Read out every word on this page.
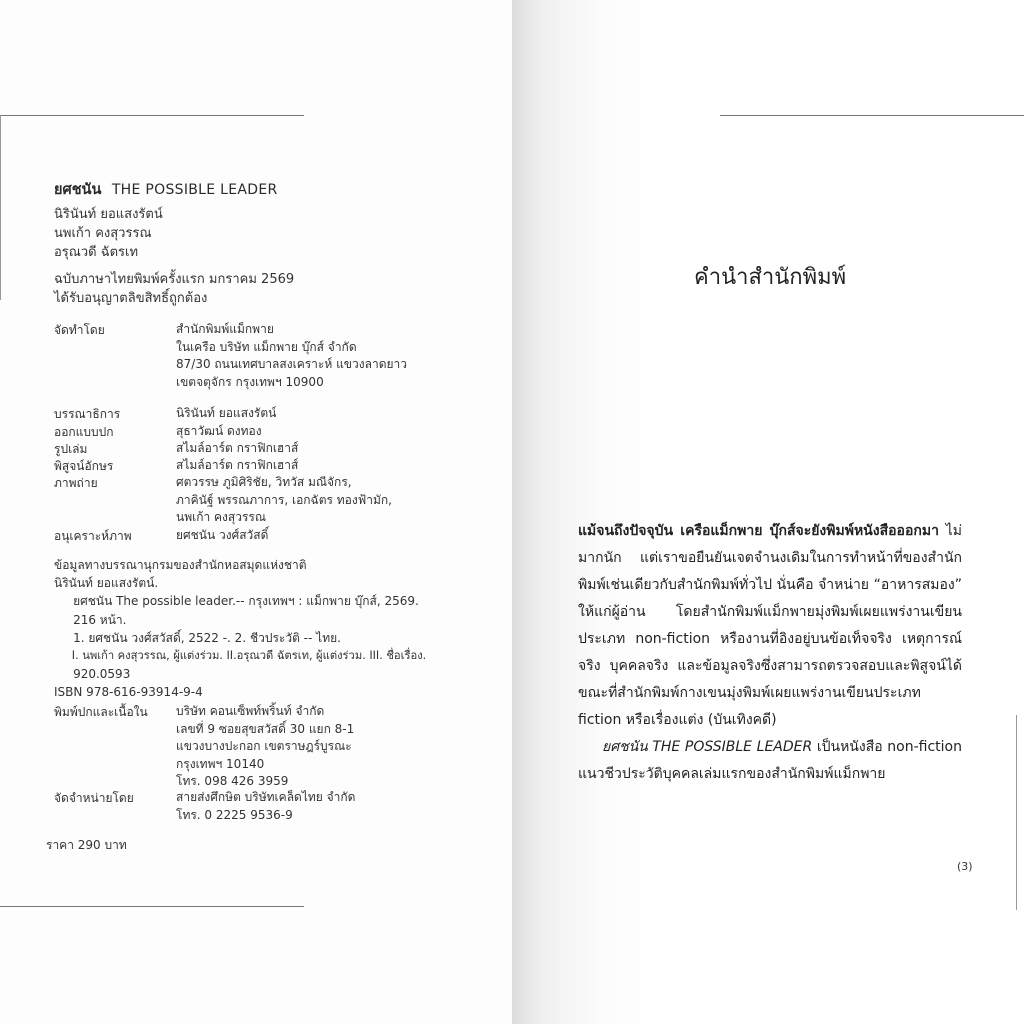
ยศชนัน THE POSSIBLE LEADER
นิรินันท์ ยอแสงรัตน์
นพเก้า คงสุวรรณ
อรุณวดี ฉัตรเท
ฉบับภาษาไทยพิมพ์ครั้งแรก มกราคม 2569
ได้รับอนุญาตลิขสิทธิ์ถูกต้อง
จัดทำโดย	สำนักพิมพ์แม็กพาย
ในเครือ บริษัท แม็กพาย บุ๊กส์ จำกัด
87/30 ถนนเทศบาลสงเคราะห์ แขวงลาดยาว
เขตจตุจักร กรุงเทพฯ 10900
บรรณาธิการ	นิรินันท์ ยอแสงรัตน์
ออกแบบปก	สุธาวัฒน์ ดงทอง
รูปเล่ม	สไมล์อาร์ต กราฟิกเฮาส์
พิสูจน์อักษร	สไมล์อาร์ต กราฟิกเฮาส์
ภาพถ่าย	ศตวรรษ ภูมิศิริชัย, วิทวัส มณีจักร,
ภาคินัฐ์ พรรณภาการ, เอกฉัตร ทองฟ้ามัก,
นพเก้า คงสุวรรณ
อนุเคราะห์ภาพ	ยศชนัน วงศ์สวัสดิ์
ข้อมูลทางบรรณานุกรมของสำนักหอสมุดแห่งชาติ
นิรินันท์ ยอแสงรัตน์.
ยศชนัน The possible leader.-- กรุงเทพฯ : แม็กพาย บุ๊กส์, 2569.
216 หน้า.
1. ยศชนัน วงศ์สวัสดิ์, 2522 -. 2. ชีวประวัติ -- ไทย.
I. นพเก้า คงสุวรรณ, ผู้แต่งร่วม. II.อรุณวดี ฉัตรเท, ผู้แต่งร่วม. III. ชื่อเรื่อง.
920.0593
ISBN 978-616-93914-9-4
พิมพ์ปกและเนื้อใน บริษัท คอนเซ็พท์พริ้นท์ จำกัด
เลขที่ 9 ซอยสุขสวัสดิ์ 30 แยก 8-1
แขวงบางปะกอก เขตราษฎร์บูรณะ
กรุงเทพฯ 10140
โทร. 098 426 3959
จัดจำหน่ายโดย	สายส่งศึกษิต บริษัทเคล็ดไทย จำกัด
โทร. 0 2225 9536-9
ราคา 290 บาท
คำนำสำนักพิมพ์

แม้จนถึงปัจจุบัน เครือแม็กพาย บุ๊กส์จะยังพิมพ์หนังสือออกมา ไม่มากนัก แต่เราขอยืนยันเจตจำนงเดิมในการทำหน้าที่ของสำนักพิมพ์เช่นเดียวกับสำนักพิมพ์ทั่วไป นั่นคือ จำหน่าย “อาหารสมอง” ให้แก่ผู้อ่าน โดยสำนักพิมพ์แม็กพายมุ่งพิมพ์เผยแพร่งานเขียนประเภท non-fiction หรืองานที่อิงอยู่บนข้อเท็จจริง เหตุการณ์จริง บุคคลจริง และข้อมูลจริงซึ่งสามารถตรวจสอบและพิสูจน์ได้ ขณะที่สำนักพิมพ์กางเขนมุ่งพิมพ์เผยแพร่งานเขียนประเภท fiction หรือเรื่องแต่ง (บันเทิงคดี)

ยศชนัน THE POSSIBLE LEADER เป็นหนังสือ non-fiction แนวชีวประวัติบุคคลเล่มแรกของสำนักพิมพ์แม็กพาย

(3)
